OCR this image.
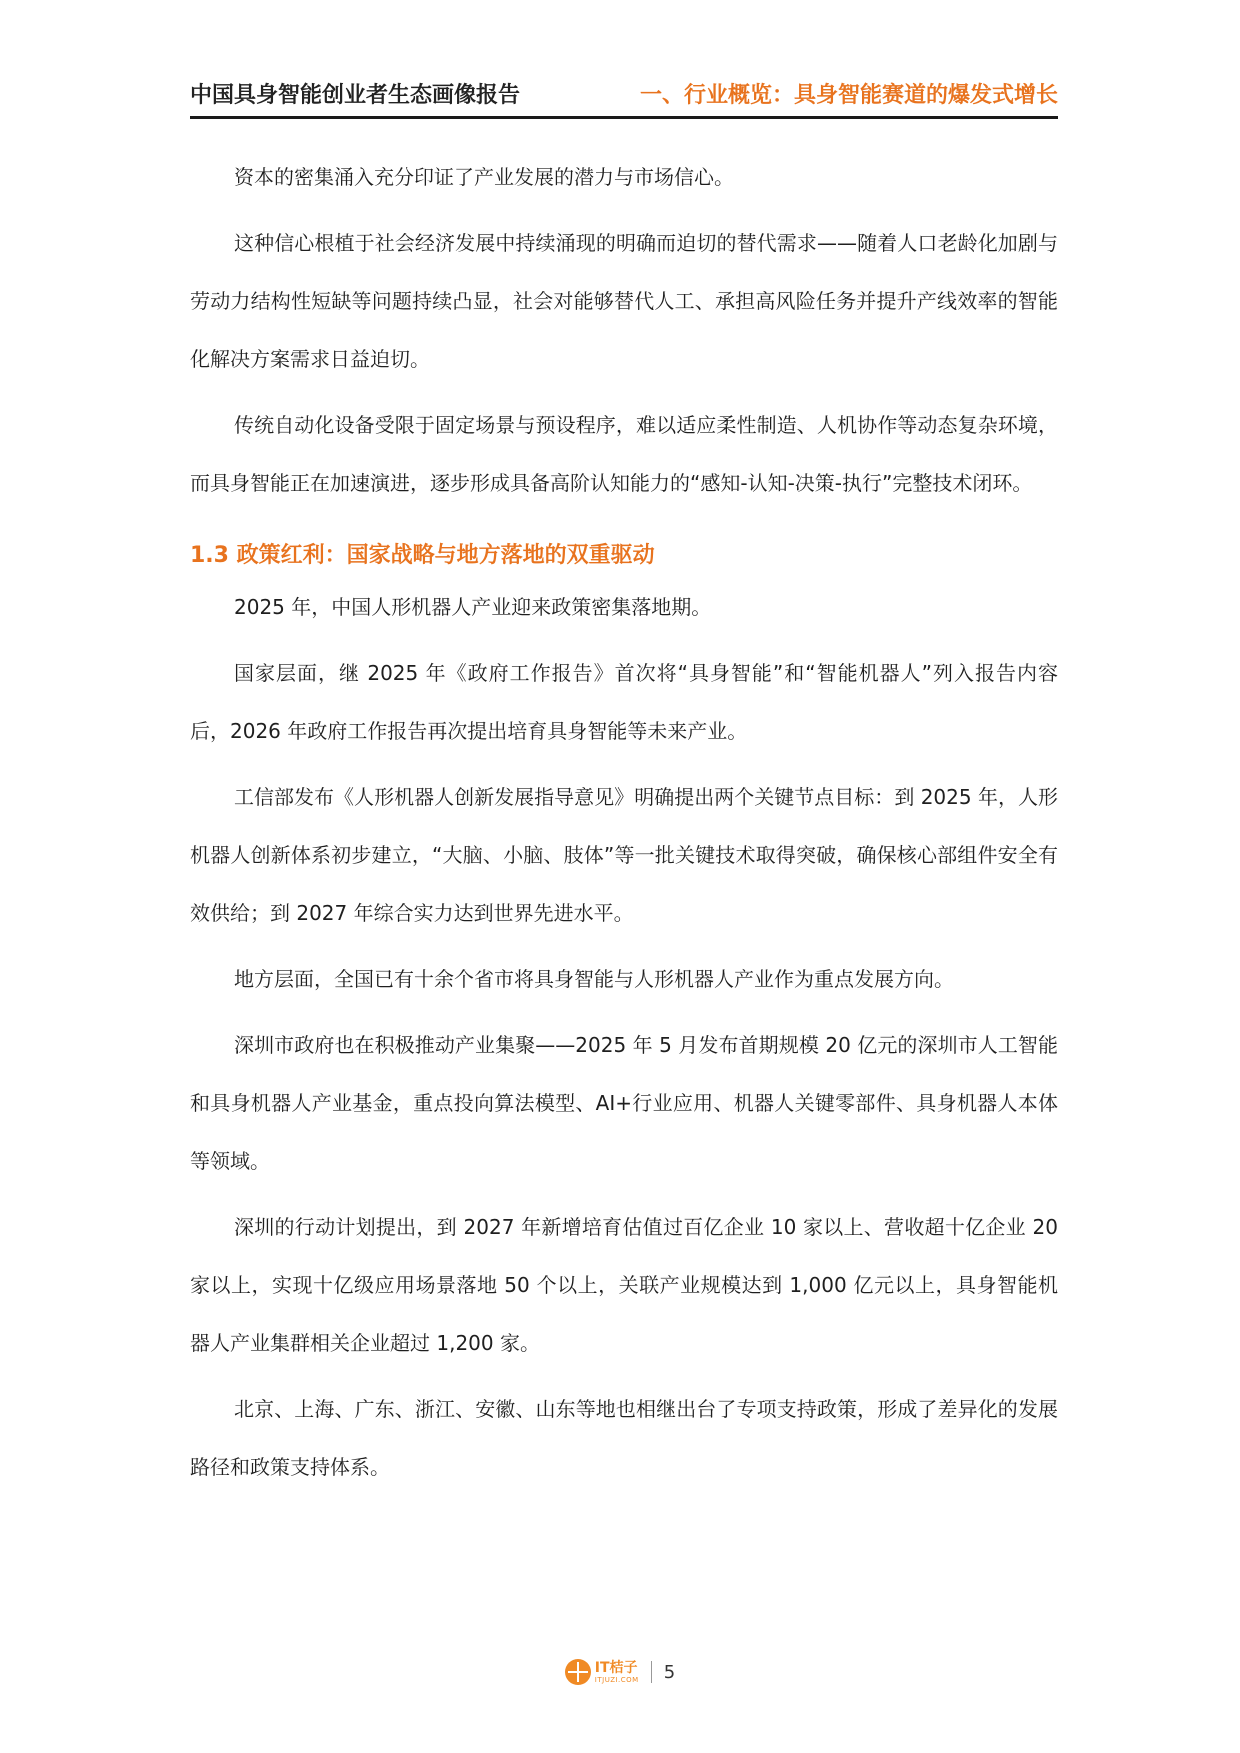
中国具身智能创业者生态画像报告	一、行业概览：具身智能赛道的爆发式增长

资本的密集涌入充分印证了产业发展的潜力与市场信心。

这种信心根植于社会经济发展中持续涌现的明确而迫切的替代需求——随着人口老龄化加剧与劳动力结构性短缺等问题持续凸显，社会对能够替代人工、承担高风险任务并提升产线效率的智能化解决方案需求日益迫切。

传统自动化设备受限于固定场景与预设程序，难以适应柔性制造、人机协作等动态复杂环境，而具身智能正在加速演进，逐步形成具备高阶认知能力的“感知-认知-决策-执行”完整技术闭环。

1.3 政策红利：国家战略与地方落地的双重驱动

2025 年，中国人形机器人产业迎来政策密集落地期。

国家层面，继 2025 年《政府工作报告》首次将“具身智能”和“智能机器人”列入报告内容后，2026 年政府工作报告再次提出培育具身智能等未来产业。

工信部发布《人形机器人创新发展指导意见》明确提出两个关键节点目标：到 2025 年，人形机器人创新体系初步建立，“大脑、小脑、肢体”等一批关键技术取得突破，确保核心部组件安全有效供给；到 2027 年综合实力达到世界先进水平。

地方层面，全国已有十余个省市将具身智能与人形机器人产业作为重点发展方向。

深圳市政府也在积极推动产业集聚——2025 年 5 月发布首期规模 20 亿元的深圳市人工智能和具身机器人产业基金，重点投向算法模型、AI+行业应用、机器人关键零部件、具身机器人本体等领域。

深圳的行动计划提出，到 2027 年新增培育估值过百亿企业 10 家以上、营收超十亿企业 20 家以上，实现十亿级应用场景落地 50 个以上，关联产业规模达到 1,000 亿元以上，具身智能机器人产业集群相关企业超过 1,200 家。

北京、上海、广东、浙江、安徽、山东等地也相继出台了专项支持政策，形成了差异化的发展路径和政策支持体系。

IT桔子
ITJUZI.COM 5
